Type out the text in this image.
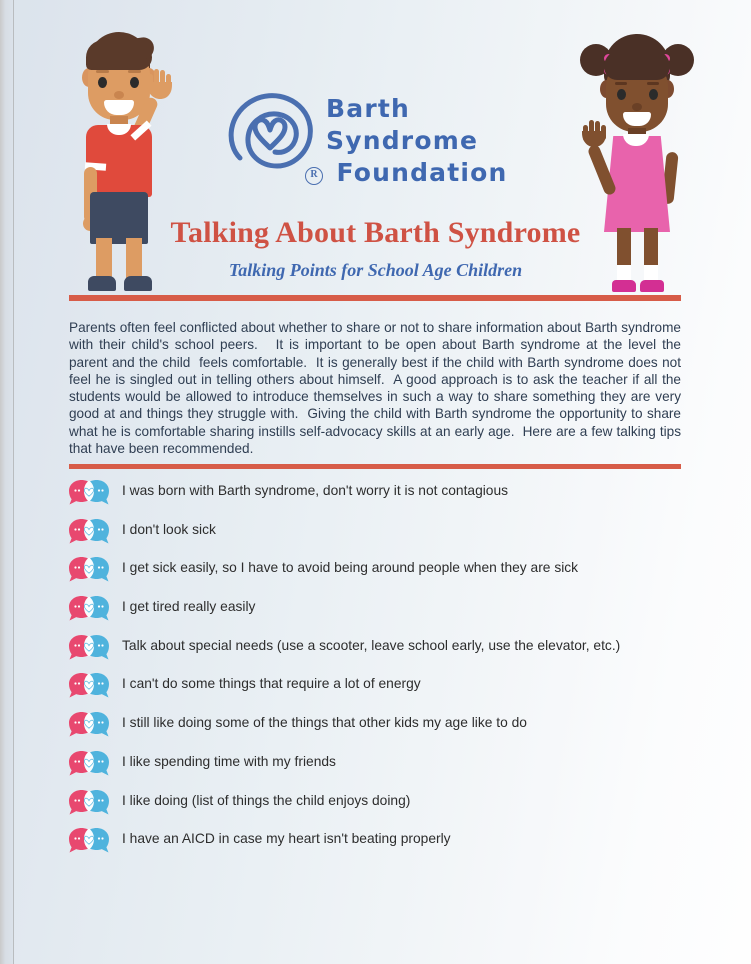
R
Barth Syndrome
Foundation
Talking About Barth Syndrome
Talking Points for School Age Children
Parents often feel conflicted about whether to share or not to share information about Barth syndrome with their child's school peers.   It is important to be open about Barth syndrome at the level the parent and the child  feels comfortable.  It is generally best if the child with Barth syndrome does not feel he is singled out in telling others about himself.  A good approach is to ask the teacher if all the students would be allowed to introduce themselves in such a way to share something they are very good at and things they struggle with.  Giving the child with Barth syndrome the opportunity to share what he is comfortable sharing instills self-advocacy skills at an early age.  Here are a few talking tips that have been recommended.
I was born with Barth syndrome, don't worry it is not contagious
I don't look sick
I get sick easily, so I have to avoid being around people when they are sick
I get tired really easily
Talk about special needs (use a scooter, leave school early, use the elevator, etc.)
I can't do some things that require a lot of energy
I still like doing some of the things that other kids my age like to do
I like spending time with my friends
I like doing (list of things the child enjoys doing)
I have an AICD in case my heart isn't beating properly
